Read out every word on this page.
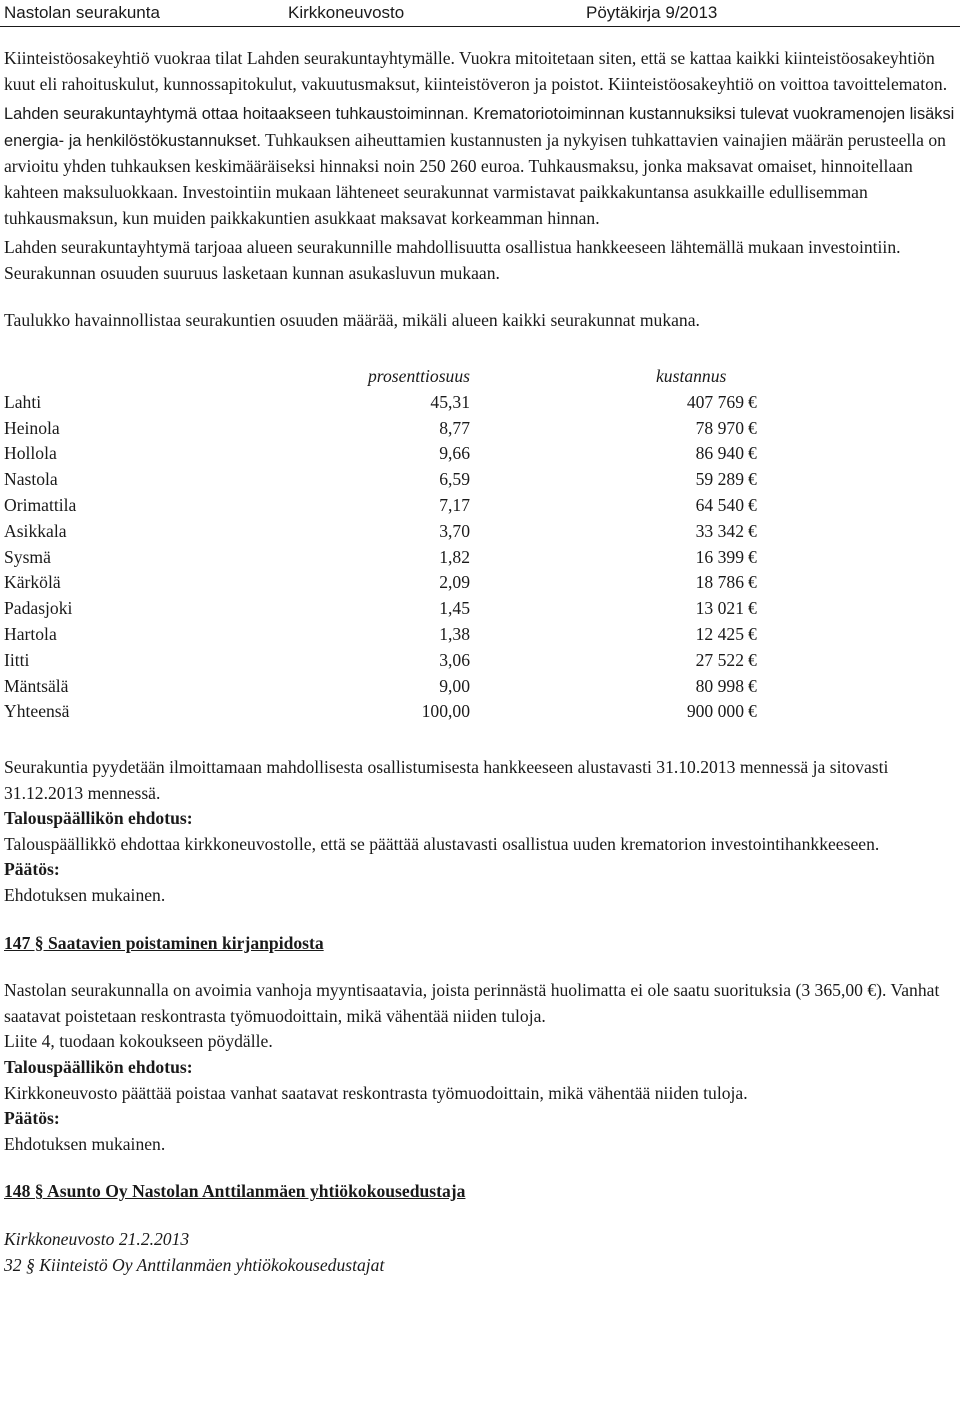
Nastolan seurakunta	Kirkkoneuvosto	Pöytäkirja 9/2013

Kiinteistöosakeyhtiö vuokraa tilat Lahden seurakuntayhtymälle. Vuokra mitoitetaan siten, että se kattaa kaikki kiinteistöosakeyhtiön kuut eli rahoituskulut, kunnossapitokulut, vakuutusmaksut, kiinteistöveron ja poistot. Kiinteistöosakeyhtiö on voittoa tavoittelematon.

Lahden seurakuntayhtymä ottaa hoitaakseen tuhkaustoiminnan. Krematoriotoiminnan kustannuksiksi tulevat vuokramenojen lisäksi energia- ja henkilöstökustannukset. Tuhkauksen aiheuttamien kustannusten ja nykyisen tuhkattavien vainajien määrän perusteella on arvioitu yhden tuhkauksen keskimääräiseksi hinnaksi noin 250 260 euroa. Tuhkausmaksu, jonka maksavat omaiset, hinnoitellaan kahteen maksuluokkaan. Investointiin mukaan lähteneet seurakunnat varmistavat paikkakuntansa asukkaille edullisemman tuhkausmaksun, kun muiden paikkakuntien asukkaat maksavat korkeamman hinnan.

Lahden seurakuntayhtymä tarjoaa alueen seurakunnille mahdollisuutta osallistua hankkeeseen lähtemällä mukaan investointiin. Seurakunnan osuuden suuruus lasketaan kunnan asukasluvun mukaan.

Taulukko havainnollistaa seurakuntien osuuden määrää, mikäli alueen kaikki seurakunnat mukana.

	prosenttiosuus		kustannus	
Lahti	45,31		407 769	€
Heinola	8,77		78 970	€
Hollola	9,66		86 940	€
Nastola	6,59		59 289	€
Orimattila	7,17		64 540	€
Asikkala	3,70		33 342	€
Sysmä	1,82		16 399	€
Kärkölä	2,09		18 786	€
Padasjoki	1,45		13 021	€
Hartola	1,38		12 425	€
Iitti	3,06		27 522	€
Mäntsälä	9,00		80 998	€
Yhteensä	100,00		900 000	€

Seurakuntia pyydetään ilmoittamaan mahdollisesta osallistumisesta hankkeeseen alustavasti 31.10.2013 mennessä ja sitovasti 31.12.2013 mennessä.

Talouspäällikön ehdotus:

Talouspäällikkö ehdottaa kirkkoneuvostolle, että se päättää alustavasti osallistua uuden krematorion investointihankkeeseen.

Päätös:

Ehdotuksen mukainen.

147 § Saatavien poistaminen kirjanpidosta

Nastolan seurakunnalla on avoimia vanhoja myyntisaatavia, joista perinnästä huolimatta ei ole saatu suorituksia (3 365,00 €). Vanhat saatavat poistetaan reskontrasta työmuodoittain, mikä vähentää niiden tuloja.

Liite 4, tuodaan kokoukseen pöydälle.

Talouspäällikön ehdotus:

Kirkkoneuvosto päättää poistaa vanhat saatavat reskontrasta työmuodoittain, mikä vähentää niiden tuloja.

Päätös:

Ehdotuksen mukainen.

148 § Asunto Oy Nastolan Anttilanmäen yhtiökokousedustaja

Kirkkoneuvosto 21.2.2013

32 § Kiinteistö Oy Anttilanmäen yhtiökokousedustajat
